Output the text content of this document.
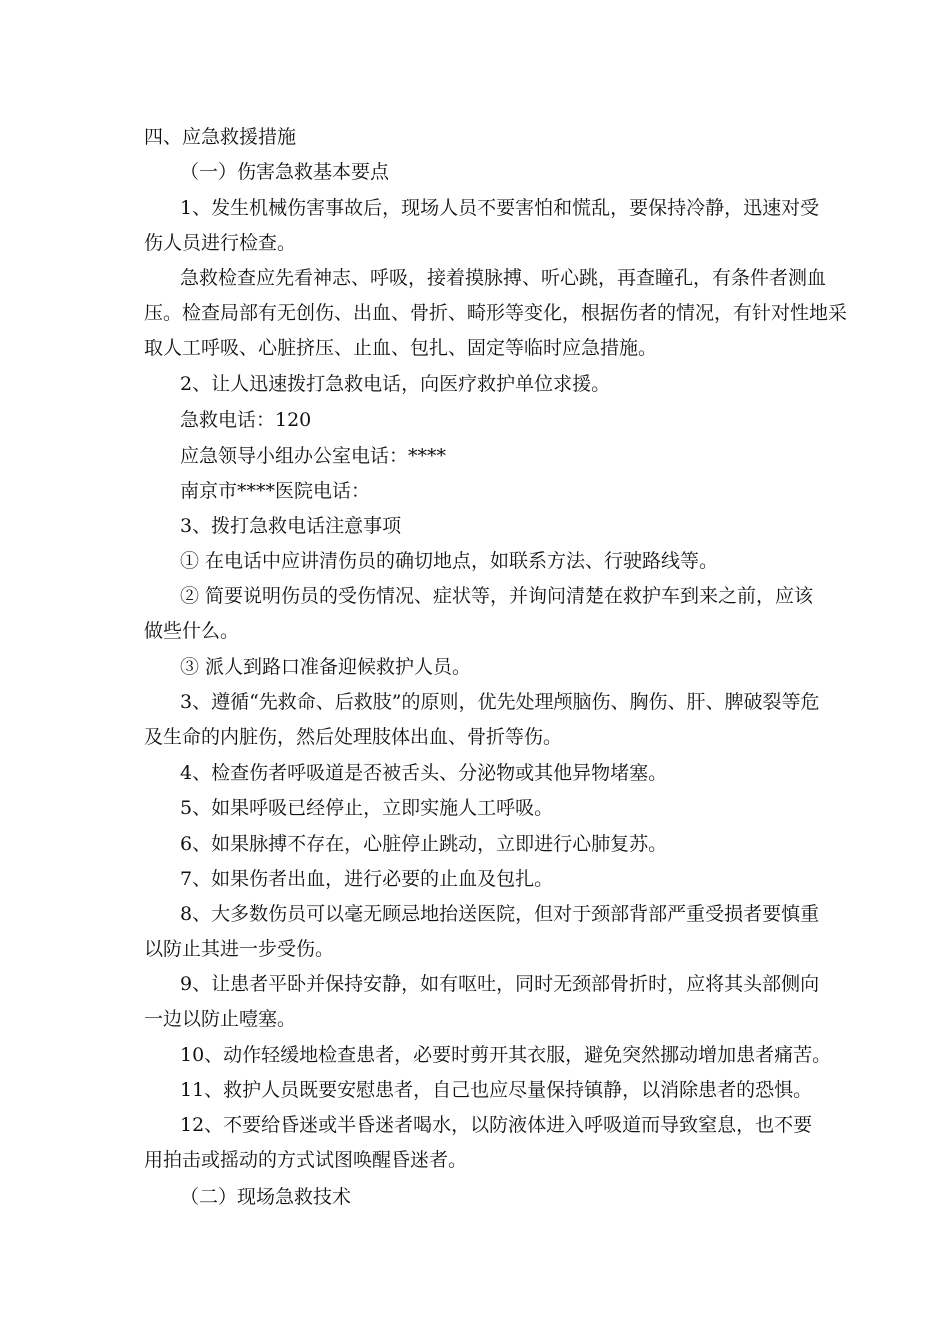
四、应急救援措施
（一）伤害急救基本要点
1、发生机械伤害事故后，现场人员不要害怕和慌乱，要保持冷静，迅速对受
伤人员进行检查。
急救检查应先看神志、呼吸，接着摸脉搏、听心跳，再查瞳孔，有条件者测血
压。检查局部有无创伤、出血、骨折、畸形等变化，根据伤者的情况，有针对性地采
取人工呼吸、心脏挤压、止血、包扎、固定等临时应急措施。
2、让人迅速拨打急救电话，向医疗救护单位求援。
急救电话：120
应急领导小组办公室电话：****
南京市****医院电话：
3、拨打急救电话注意事项
① 在电话中应讲清伤员的确切地点，如联系方法、行驶路线等。
② 简要说明伤员的受伤情况、症状等，并询问清楚在救护车到来之前，应该
做些什么。
③ 派人到路口准备迎候救护人员。
3、遵循“先救命、后救肢”的原则，优先处理颅脑伤、胸伤、肝、脾破裂等危
及生命的内脏伤，然后处理肢体出血、骨折等伤。
4、检查伤者呼吸道是否被舌头、分泌物或其他异物堵塞。
5、如果呼吸已经停止，立即实施人工呼吸。
6、如果脉搏不存在，心脏停止跳动，立即进行心肺复苏。
7、如果伤者出血，进行必要的止血及包扎。
8、大多数伤员可以毫无顾忌地抬送医院，但对于颈部背部严重受损者要慎重
以防止其进一步受伤。
9、让患者平卧并保持安静，如有呕吐，同时无颈部骨折时，应将其头部侧向
一边以防止噎塞。
10、动作轻缓地检查患者，必要时剪开其衣服，避免突然挪动增加患者痛苦。
11、救护人员既要安慰患者，自己也应尽量保持镇静，以消除患者的恐惧。
12、不要给昏迷或半昏迷者喝水，以防液体进入呼吸道而导致窒息，也不要
用拍击或摇动的方式试图唤醒昏迷者。
（二）现场急救技术
